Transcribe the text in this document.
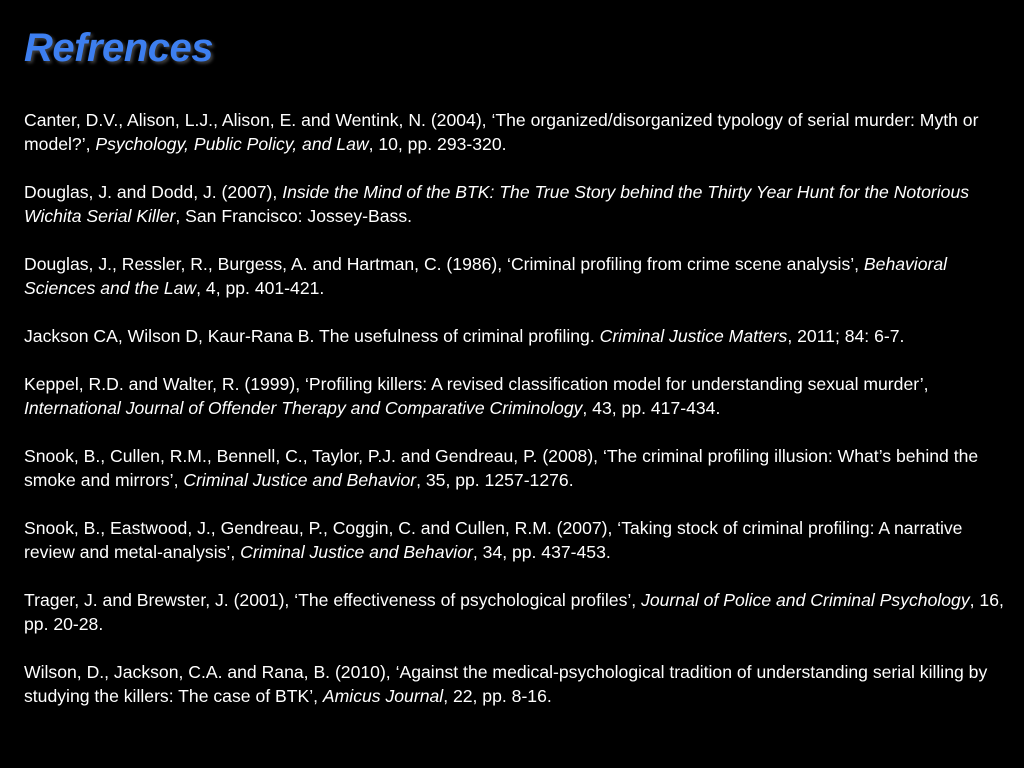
Refrences
Canter, D.V., Alison, L.J., Alison, E. and Wentink, N. (2004), ‘The organized/disorganized typology of serial murder: Myth or model?’, Psychology, Public Policy, and Law, 10, pp. 293-320.
Douglas, J. and Dodd, J. (2007), Inside the Mind of the BTK: The True Story behind the Thirty Year Hunt for the Notorious Wichita Serial Killer, San Francisco: Jossey-Bass.
Douglas, J., Ressler, R., Burgess, A. and Hartman, C. (1986), ‘Criminal profiling from crime scene analysis’, Behavioral Sciences and the Law, 4, pp. 401-421.
Jackson CA, Wilson D, Kaur-Rana B. The usefulness of criminal profiling. Criminal Justice Matters, 2011; 84: 6-7.
Keppel, R.D. and Walter, R. (1999), ‘Profiling killers: A revised classification model for understanding sexual murder’, International Journal of Offender Therapy and Comparative Criminology, 43, pp. 417-434.
Snook, B., Cullen, R.M., Bennell, C., Taylor, P.J. and Gendreau, P. (2008), ‘The criminal profiling illusion: What’s behind the smoke and mirrors’, Criminal Justice and Behavior, 35, pp. 1257-1276.
Snook, B., Eastwood, J., Gendreau, P., Coggin, C. and Cullen, R.M. (2007), ‘Taking stock of criminal profiling: A narrative review and metal-analysis’, Criminal Justice and Behavior, 34, pp. 437-453.
Trager, J. and Brewster, J. (2001), ‘The effectiveness of psychological profiles’, Journal of Police and Criminal Psychology, 16, pp. 20-28.
Wilson, D., Jackson, C.A. and Rana, B. (2010), ‘Against the medical-psychological tradition of understanding serial killing by studying the killers: The case of BTK’, Amicus Journal, 22, pp. 8-16.
